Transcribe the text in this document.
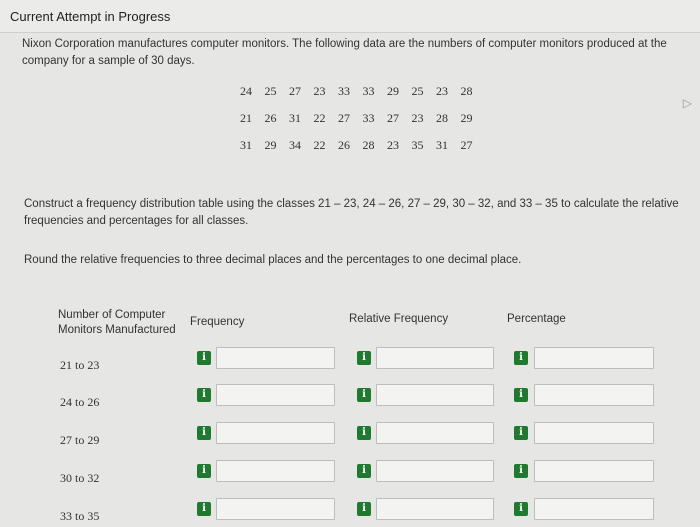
Current Attempt in Progress
Nixon Corporation manufactures computer monitors. The following data are the numbers of computer monitors produced at the company for a sample of 30 days.
24 25 27 23 33 33 29 25 23 28
21 26 31 22 27 33 27 23 28 29
31 29 34 22 26 28 23 35 31 27
▷
Construct a frequency distribution table using the classes 21 – 23, 24 – 26, 27 – 29, 30 – 32, and 33 – 35 to calculate the relative frequencies and percentages for all classes.
Round the relative frequencies to three decimal places and the percentages to one decimal place.
Number of Computer Monitors Manufactured
Frequency	Relative Frequency	Percentage
21 to 23
i	i	i
24 to 26
i	i	i
27 to 29
i	i	i
30 to 32
i	i	i
33 to 35
i	i	i
